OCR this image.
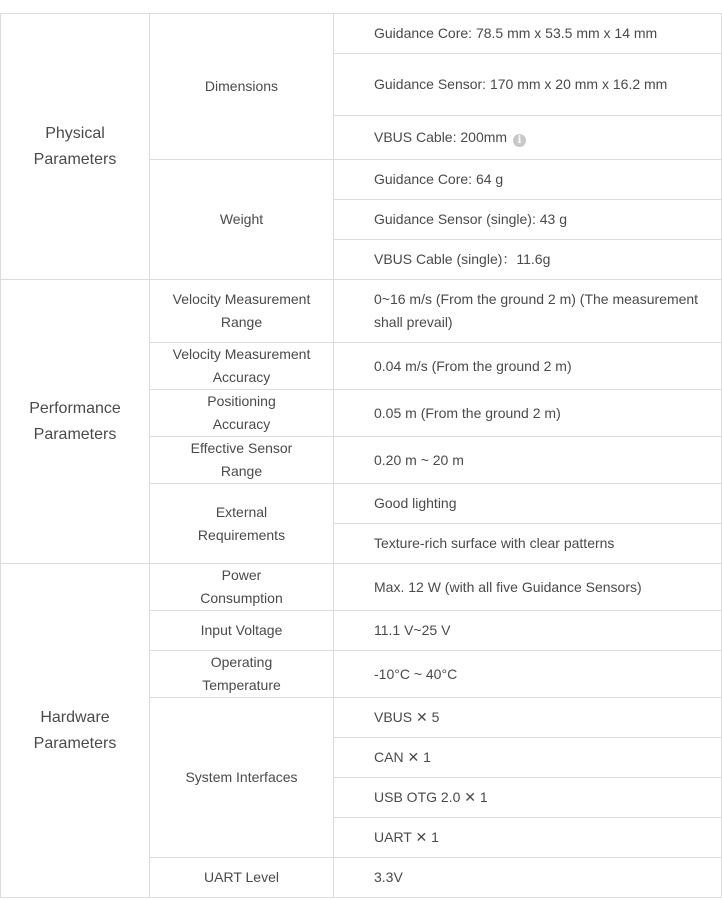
Physical Parameters	Dimensions	Guidance Core: 78.5 mm x 53.5 mm x 14 mm
		Guidance Sensor: 170 mm x 20 mm x 16.2 mm
		VBUS Cable: 200mm i
	Weight	Guidance Core: 64 g
		Guidance Sensor (single): 43 g
		VBUS Cable (single)：11.6g
Performance Parameters	Velocity Measurement Range	0~16 m/s (From the ground 2 m) (The measurement shall prevail)
	Velocity Measurement Accuracy	0.04 m/s (From the ground 2 m)
	Positioning Accuracy	0.05 m (From the ground 2 m)
	Effective Sensor Range	0.20 m ~ 20 m
	External Requirements	Good lighting
		Texture-rich surface with clear patterns
Hardware Parameters	Power Consumption	Max. 12 W (with all five Guidance Sensors)
	Input Voltage	11.1 V~25 V
	Operating Temperature	-10°C ~ 40°C
	System Interfaces	VBUS ✕ 5
		CAN ✕ 1
		USB OTG 2.0 ✕ 1
		UART ✕ 1
	UART Level	3.3V
